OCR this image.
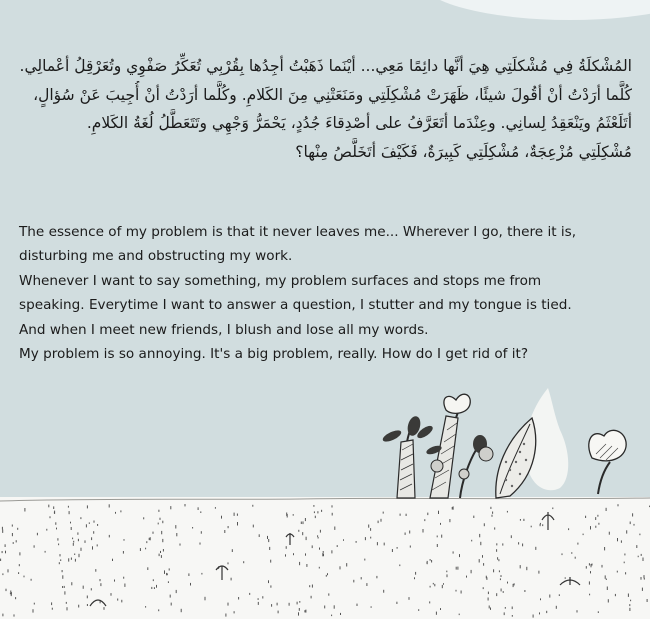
المُشْكلَةُ فِي مُشْكلَتِي هِيَ أنَّها دائِمًا مَعِي... أيْنَما ذَهَبْتُ أجِدُها بِقُرْبِي تُعَكِّرُ صَفْوِي وتُعَرْقِلُ أعْمالِي.
كُلَّما أرَدْتُ أنْ أقُولَ شيئًا، ظَهَرَتْ مُشْكِلَتِي ومَنَعَتْنِي مِنَ الكَلامِ. وكُلَّما أرَدْتُ أنْ أُجِيبَ عَنْ سُؤالٍ،
أتَلَعْثَمُ ويَنْعَقِدُ لِسانِي. وعِنْدَما أتَعَرَّفُ على أصْدِقاءَ جُدُدٍ، يَحْمَرُّ وَجْهِي وتَتَعَطَّلُ لُغَةُ الكَلامِ.
مُشْكِلَتِي مُزْعِجَةٌ، مُشْكِلَتِي كَبِيرَةٌ، فَكَيْفَ أتَخَلَّصُ مِنْها؟
The essence of my problem is that it never leaves me... Wherever I go, there it is,
disturbing me and obstructing my work.
Whenever I want to say something, my problem surfaces and stops me from
speaking. Everytime I want to answer a question, I stutter and my tongue is tied.
And when I meet new friends, I blush and lose all my words.
My problem is so annoying. It's a big problem, really. How do I get rid of it?
